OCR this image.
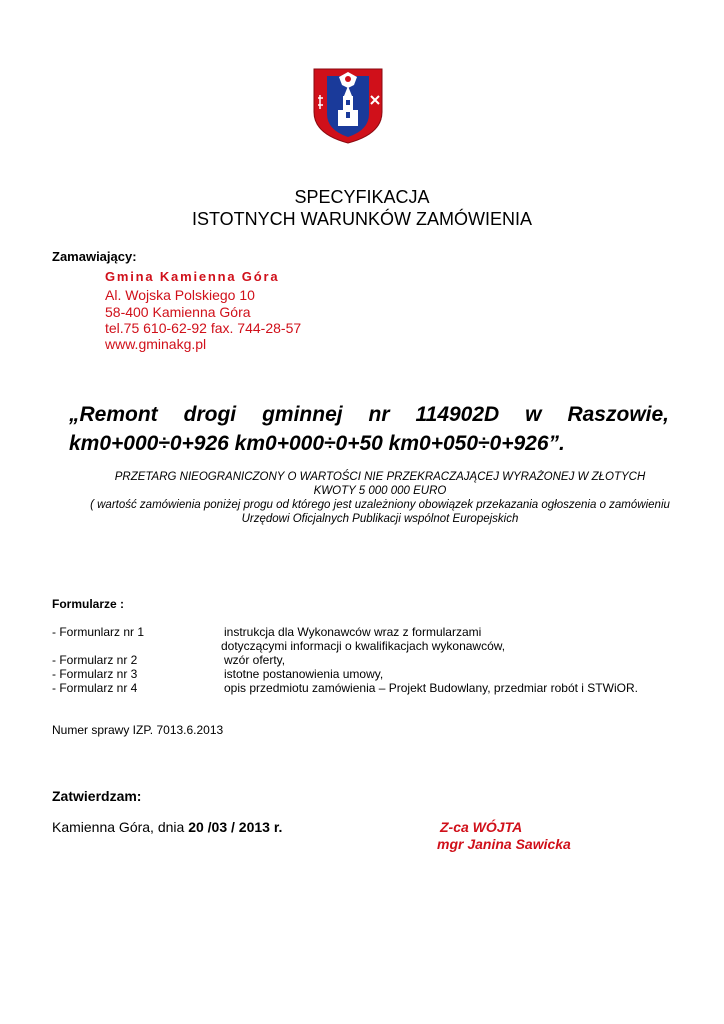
SPECYFIKACJA
ISTOTNYCH WARUNKÓW ZAMÓWIENIA
Zamawiający:
Gmina Kamienna Góra
Al. Wojska Polskiego 10
58-400 Kamienna Góra
tel.75 610-62-92 fax. 744-28-57
www.gminakg.pl
„Remont drogi gminnej nr 114902D w Raszowie,
km0+000÷0+926 km0+000÷0+50 km0+050÷0+926”.
PRZETARG NIEOGRANICZONY O WARTOŚCI NIE PRZEKRACZAJĄCEJ WYRAŻONEJ W ZŁOTYCH
KWOTY 5 000 000 EURO
( wartość zamówienia poniżej progu od którego jest uzależniony obowiązek przekazania ogłoszenia o zamówieniu
Urzędowi Oficjalnych Publikacji wspólnot Europejskich
Formularze :
- Formunlarz nr 1	instrukcja dla Wykonawców wraz z formularzami
dotyczącymi informacji o kwalifikacjach wykonawców,
- Formularz nr 2	wzór oferty,
- Formularz nr 3	istotne postanowienia umowy,
- Formularz nr 4	opis przedmiotu zamówienia – Projekt Budowlany, przedmiar robót i STWiOR.
Numer sprawy IZP. 7013.6.2013
Zatwierdzam:
Kamienna Góra, dnia 20 /03 / 2013 r.	Z-ca WÓJTA
mgr Janina Sawicka
